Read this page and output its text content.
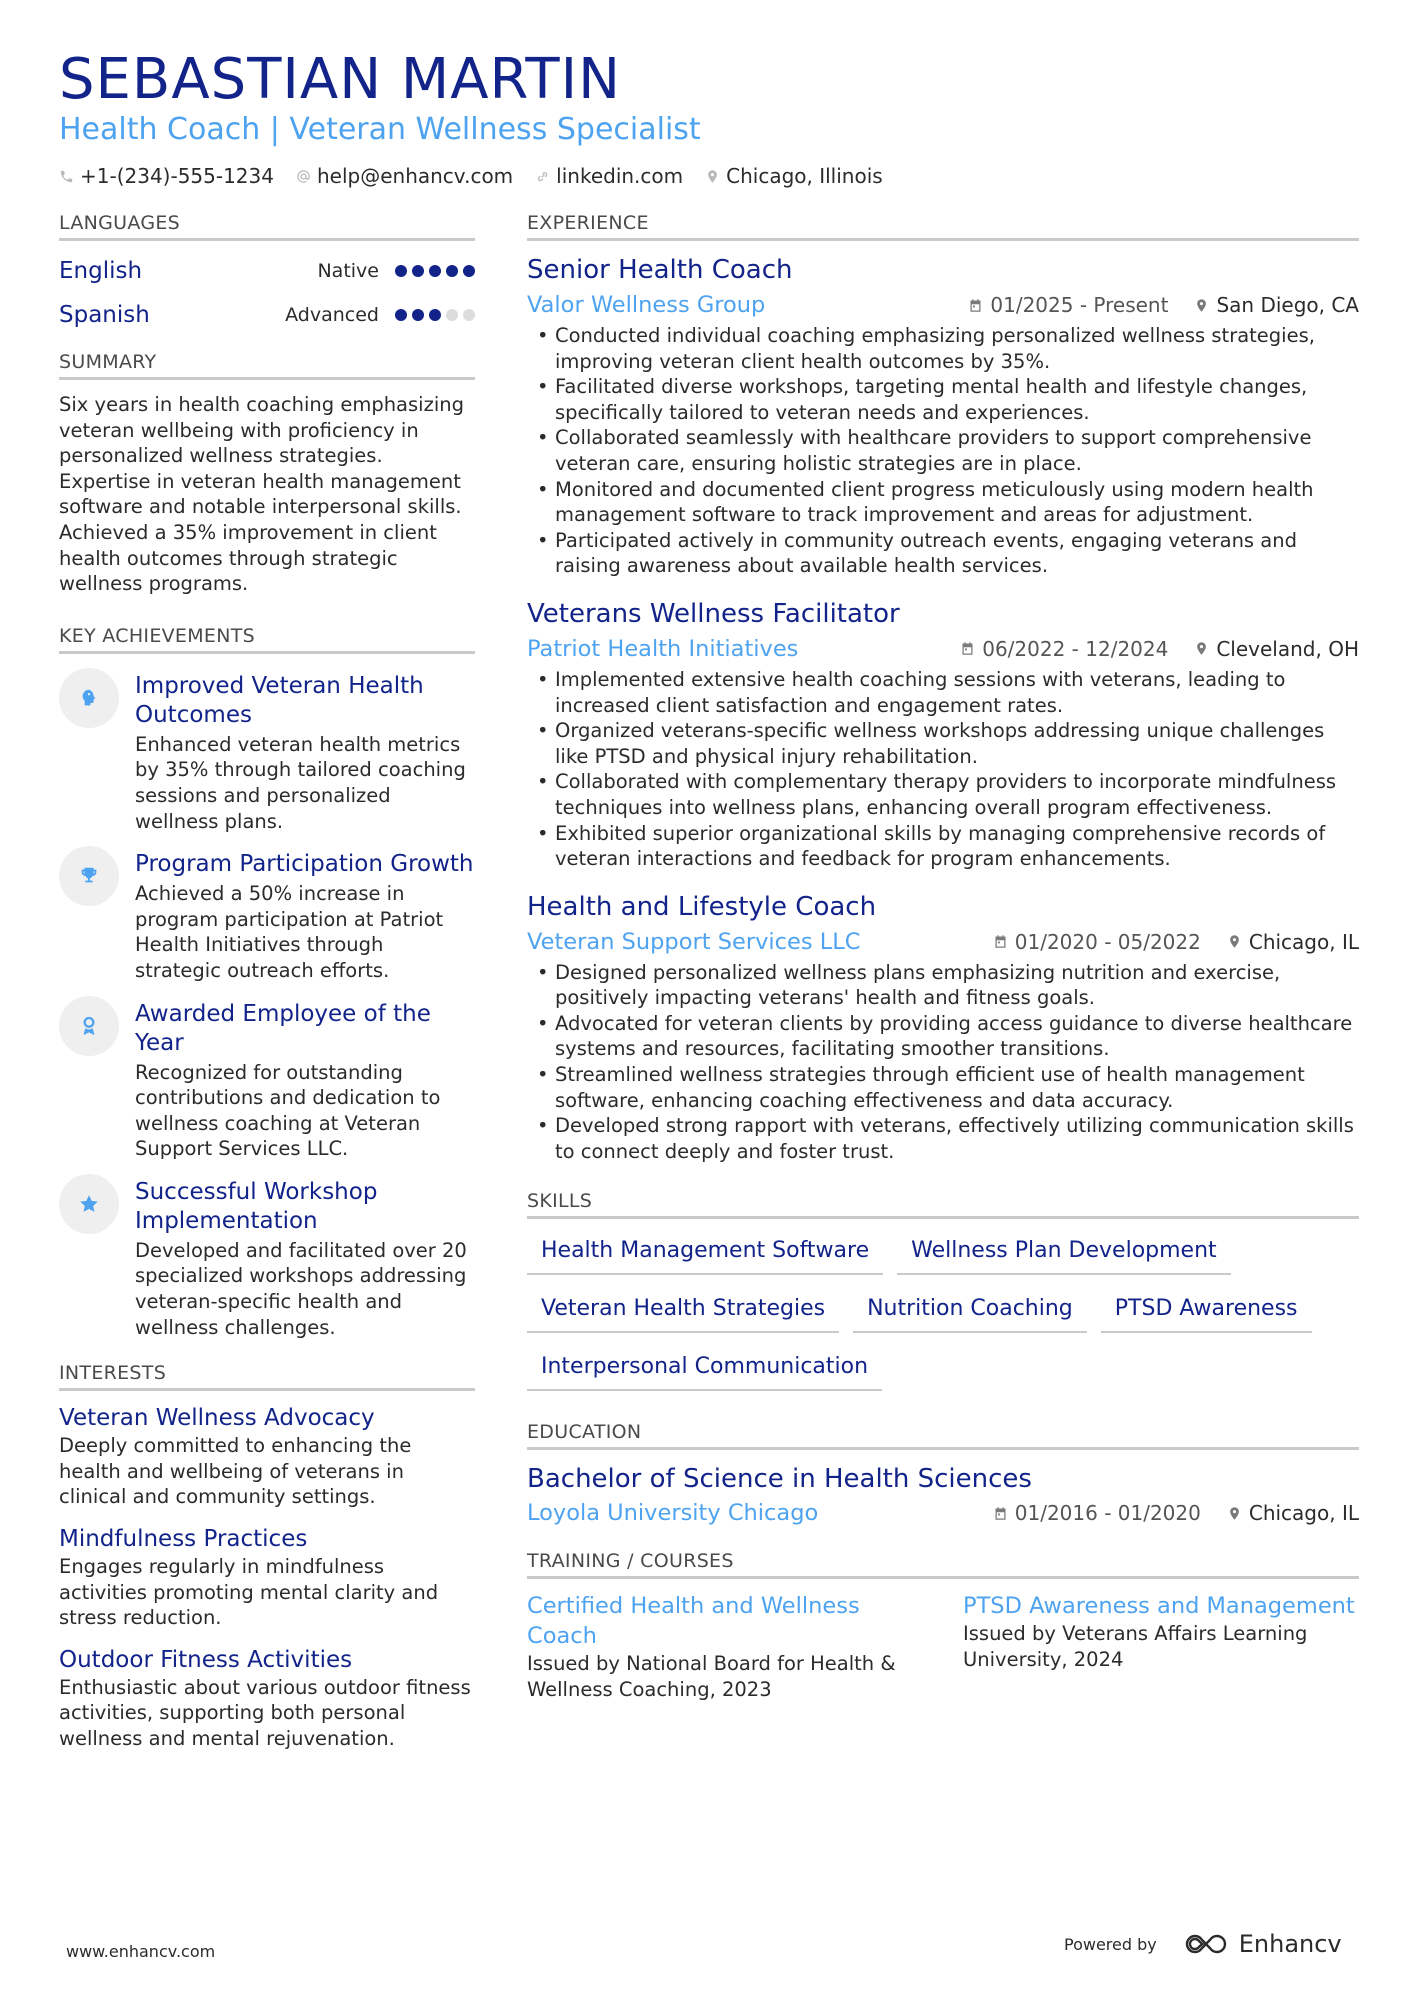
SEBASTIAN MARTIN
Health Coach | Veteran Wellness Specialist
+1-(234)-555-1234 help@enhancv.com linkedin.com Chicago, Illinois
LANGUAGES
English	Native
Spanish	Advanced
SUMMARY

Six years in health coaching emphasizing veteran wellbeing with proficiency in personalized wellness strategies. Expertise in veteran health management software and notable interpersonal skills. Achieved a 35% improvement in client health outcomes through strategic wellness programs.

KEY ACHIEVEMENTS
Improved Veteran Health Outcomes
Enhanced veteran health metrics by 35% through tailored coaching sessions and personalized wellness plans.
Program Participation Growth
Achieved a 50% increase in program participation at Patriot Health Initiatives through strategic outreach efforts.
Awarded Employee of the Year
Recognized for outstanding contributions and dedication to wellness coaching at Veteran Support Services LLC.
Successful Workshop Implementation
Developed and facilitated over 20 specialized workshops addressing veteran-specific health and wellness challenges.
INTERESTS
Veteran Wellness Advocacy
Deeply committed to enhancing the health and wellbeing of veterans in clinical and community settings.
Mindfulness Practices
Engages regularly in mindfulness activities promoting mental clarity and stress reduction.
Outdoor Fitness Activities
Enthusiastic about various outdoor fitness activities, supporting both personal wellness and mental rejuvenation.
EXPERIENCE
Senior Health Coach
Valor Wellness Group	01/2025 - Present San Diego, CA
• Conducted individual coaching emphasizing personalized wellness strategies, improving veteran client health outcomes by 35%.
• Facilitated diverse workshops, targeting mental health and lifestyle changes, specifically tailored to veteran needs and experiences.
• Collaborated seamlessly with healthcare providers to support comprehensive veteran care, ensuring holistic strategies are in place.
• Monitored and documented client progress meticulously using modern health management software to track improvement and areas for adjustment.
• Participated actively in community outreach events, engaging veterans and raising awareness about available health services.
Veterans Wellness Facilitator
Patriot Health Initiatives	06/2022 - 12/2024 Cleveland, OH
• Implemented extensive health coaching sessions with veterans, leading to increased client satisfaction and engagement rates.
• Organized veterans-specific wellness workshops addressing unique challenges like PTSD and physical injury rehabilitation.
• Collaborated with complementary therapy providers to incorporate mindfulness techniques into wellness plans, enhancing overall program effectiveness.
• Exhibited superior organizational skills by managing comprehensive records of veteran interactions and feedback for program enhancements.
Health and Lifestyle Coach
Veteran Support Services LLC	01/2020 - 05/2022 Chicago, IL
• Designed personalized wellness plans emphasizing nutrition and exercise, positively impacting veterans' health and fitness goals.
• Advocated for veteran clients by providing access guidance to diverse healthcare systems and resources, facilitating smoother transitions.
• Streamlined wellness strategies through efficient use of health management software, enhancing coaching effectiveness and data accuracy.
• Developed strong rapport with veterans, effectively utilizing communication skills to connect deeply and foster trust.
SKILLS
Health Management Software	Wellness Plan Development
Veteran Health Strategies	Nutrition Coaching	PTSD Awareness
Interpersonal Communication
EDUCATION
Bachelor of Science in Health Sciences
Loyola University Chicago	01/2016 - 01/2020 Chicago, IL
TRAINING / COURSES
Certified Health and Wellness Coach
Issued by National Board for Health & Wellness Coaching, 2023
PTSD Awareness and Management
Issued by Veterans Affairs Learning University, 2024
www.enhancv.com	Powered by	Enhancv
